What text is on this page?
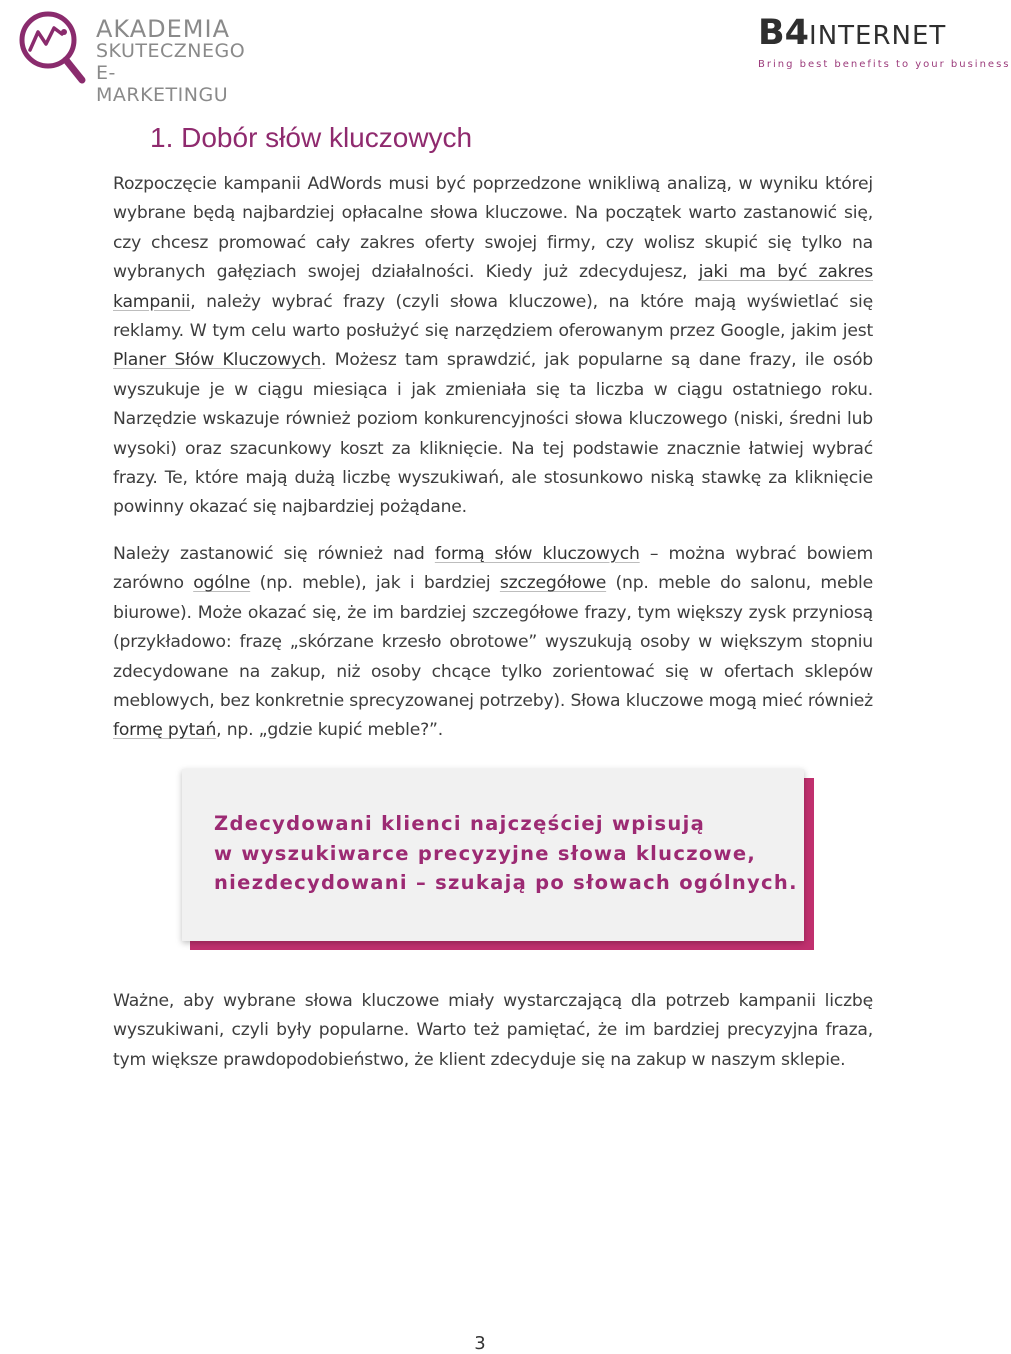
AKADEMIA
SKUTECZNEGO
E-MARKETINGU
B4INTERNET
Bring best benefits to your business
1. Dobór słów kluczowych

Rozpoczęcie kampanii AdWords musi być poprzedzone wnikliwą analizą, w wyniku której wybrane będą najbardziej opłacalne słowa kluczowe. Na początek warto zastanowić się, czy chcesz promować cały zakres oferty swojej firmy, czy wolisz skupić się tylko na wybranych gałęziach swojej działalności. Kiedy już zdecydujesz, jaki ma być zakres kampanii, należy wybrać frazy (czyli słowa kluczowe), na które mają wyświetlać się reklamy. W tym celu warto posłużyć się narzędziem oferowanym przez Google, jakim jest Planer Słów Kluczowych. Możesz tam sprawdzić, jak popularne są dane frazy, ile osób wyszukuje je w ciągu miesiąca i jak zmieniała się ta liczba w ciągu ostatniego roku. Narzędzie wskazuje również poziom konkurencyjności słowa kluczowego (niski, średni lub wysoki) oraz szacunkowy koszt za kliknięcie. Na tej podstawie znacznie łatwiej wybrać frazy. Te, które mają dużą liczbę wyszukiwań, ale stosunkowo niską stawkę za kliknięcie powinny okazać się najbardziej pożądane.

Należy zastanowić się również nad formą słów kluczowych – można wybrać bowiem zarówno ogólne (np. meble), jak i bardziej szczegółowe (np. meble do salonu, meble biurowe). Może okazać się, że im bardziej szczegółowe frazy, tym większy zysk przyniosą (przykładowo: frazę „skórzane krzesło obrotowe” wyszukują osoby w większym stopniu zdecydowane na zakup, niż osoby chcące tylko zorientować się w ofertach sklepów meblowych, bez konkretnie sprecyzowanej potrzeby). Słowa kluczowe mogą mieć również formę pytań, np. „gdzie kupić meble?”.

Zdecydowani klienci najczęściej wpisują
w wyszukiwarce precyzyjne słowa kluczowe,
niezdecydowani – szukają po słowach ogólnych.

Ważne, aby wybrane słowa kluczowe miały wystarczającą dla potrzeb kampanii liczbę wyszukiwani, czyli były popularne. Warto też pamiętać, że im bardziej precyzyjna fraza, tym większe prawdopodobieństwo, że klient zdecyduje się na zakup w naszym sklepie.

3
